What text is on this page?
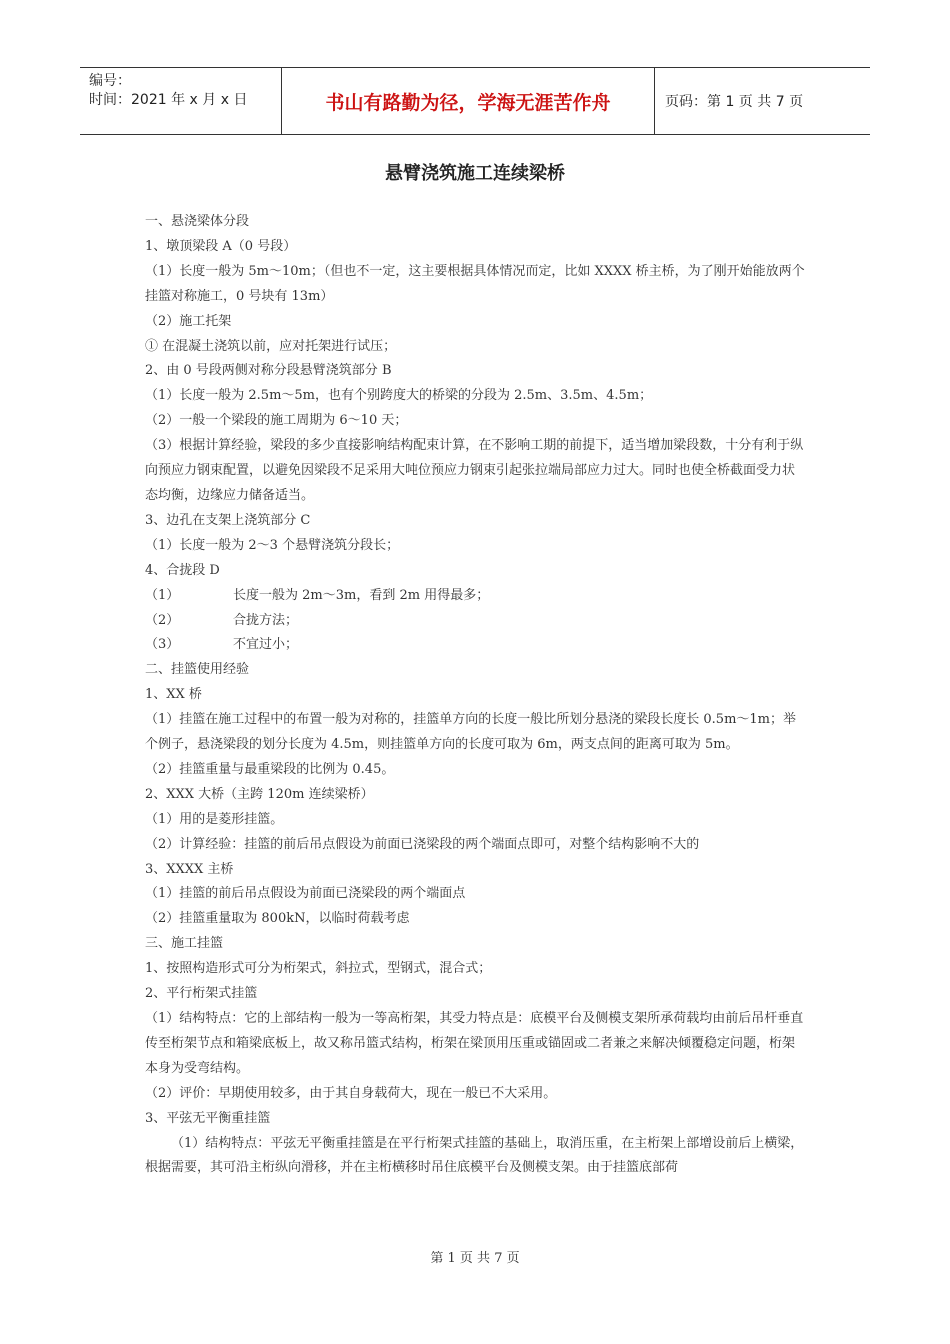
编号：
时间：2021 年 x 月 x 日	书山有路勤为径，学海无涯苦作舟	页码：第 1 页 共 7 页
悬臂浇筑施工连续梁桥

一、悬浇梁体分段

1、墩顶梁段 A（0 号段）

（1）长度一般为 5m～10m；（但也不一定，这主要根据具体情况而定，比如 XXXX 桥主桥，为了刚开始能放两个挂篮对称施工，0 号块有 13m）

（2）施工托架

① 在混凝土浇筑以前，应对托架进行试压；

2、由 0 号段两侧对称分段悬臂浇筑部分 B

（1）长度一般为 2.5m～5m，也有个别跨度大的桥梁的分段为 2.5m、3.5m、4.5m；

（2）一般一个梁段的施工周期为 6～10 天；

（3）根据计算经验，梁段的多少直接影响结构配束计算，在不影响工期的前提下，适当增加梁段数，十分有利于纵向预应力钢束配置，以避免因梁段不足采用大吨位预应力钢束引起张拉端局部应力过大。同时也使全桥截面受力状态均衡，边缘应力储备适当。

3、边孔在支架上浇筑部分 C

（1）长度一般为 2～3 个悬臂浇筑分段长；

4、合拢段 D

（1）	长度一般为 2m～3m，看到 2m 用得最多；
（2）	合拢方法；
（3）	不宜过小；

二、挂篮使用经验

1、XX 桥

（1）挂篮在施工过程中的布置一般为对称的，挂篮单方向的长度一般比所划分悬浇的梁段长度长 0.5m～1m；举个例子，悬浇梁段的划分长度为 4.5m，则挂篮单方向的长度可取为 6m，两支点间的距离可取为 5m。

（2）挂篮重量与最重梁段的比例为 0.45。

2、XXX 大桥（主跨 120m 连续梁桥）

（1）用的是菱形挂篮。

（2）计算经验：挂篮的前后吊点假设为前面已浇梁段的两个端面点即可，对整个结构影响不大的

3、XXXX 主桥

（1）挂篮的前后吊点假设为前面已浇梁段的两个端面点

（2）挂篮重量取为 800kN，以临时荷载考虑

三、施工挂篮

1、按照构造形式可分为桁架式，斜拉式，型钢式，混合式；

2、平行桁架式挂篮

（1）结构特点：它的上部结构一般为一等高桁架，其受力特点是：底模平台及侧模支架所承荷载均由前后吊杆垂直传至桁架节点和箱梁底板上，故又称吊篮式结构，桁架在梁顶用压重或锚固或二者兼之来解决倾覆稳定问题，桁架本身为受弯结构。

（2）评价：早期使用较多，由于其自身载荷大，现在一般已不大采用。

3、平弦无平衡重挂篮

（1）结构特点：平弦无平衡重挂篮是在平行桁架式挂篮的基础上，取消压重，在主桁架上部增设前后上横梁，根据需要，其可沿主桁纵向滑移，并在主桁横移时吊住底模平台及侧模支架。由于挂篮底部荷

第 1 页 共 7 页
